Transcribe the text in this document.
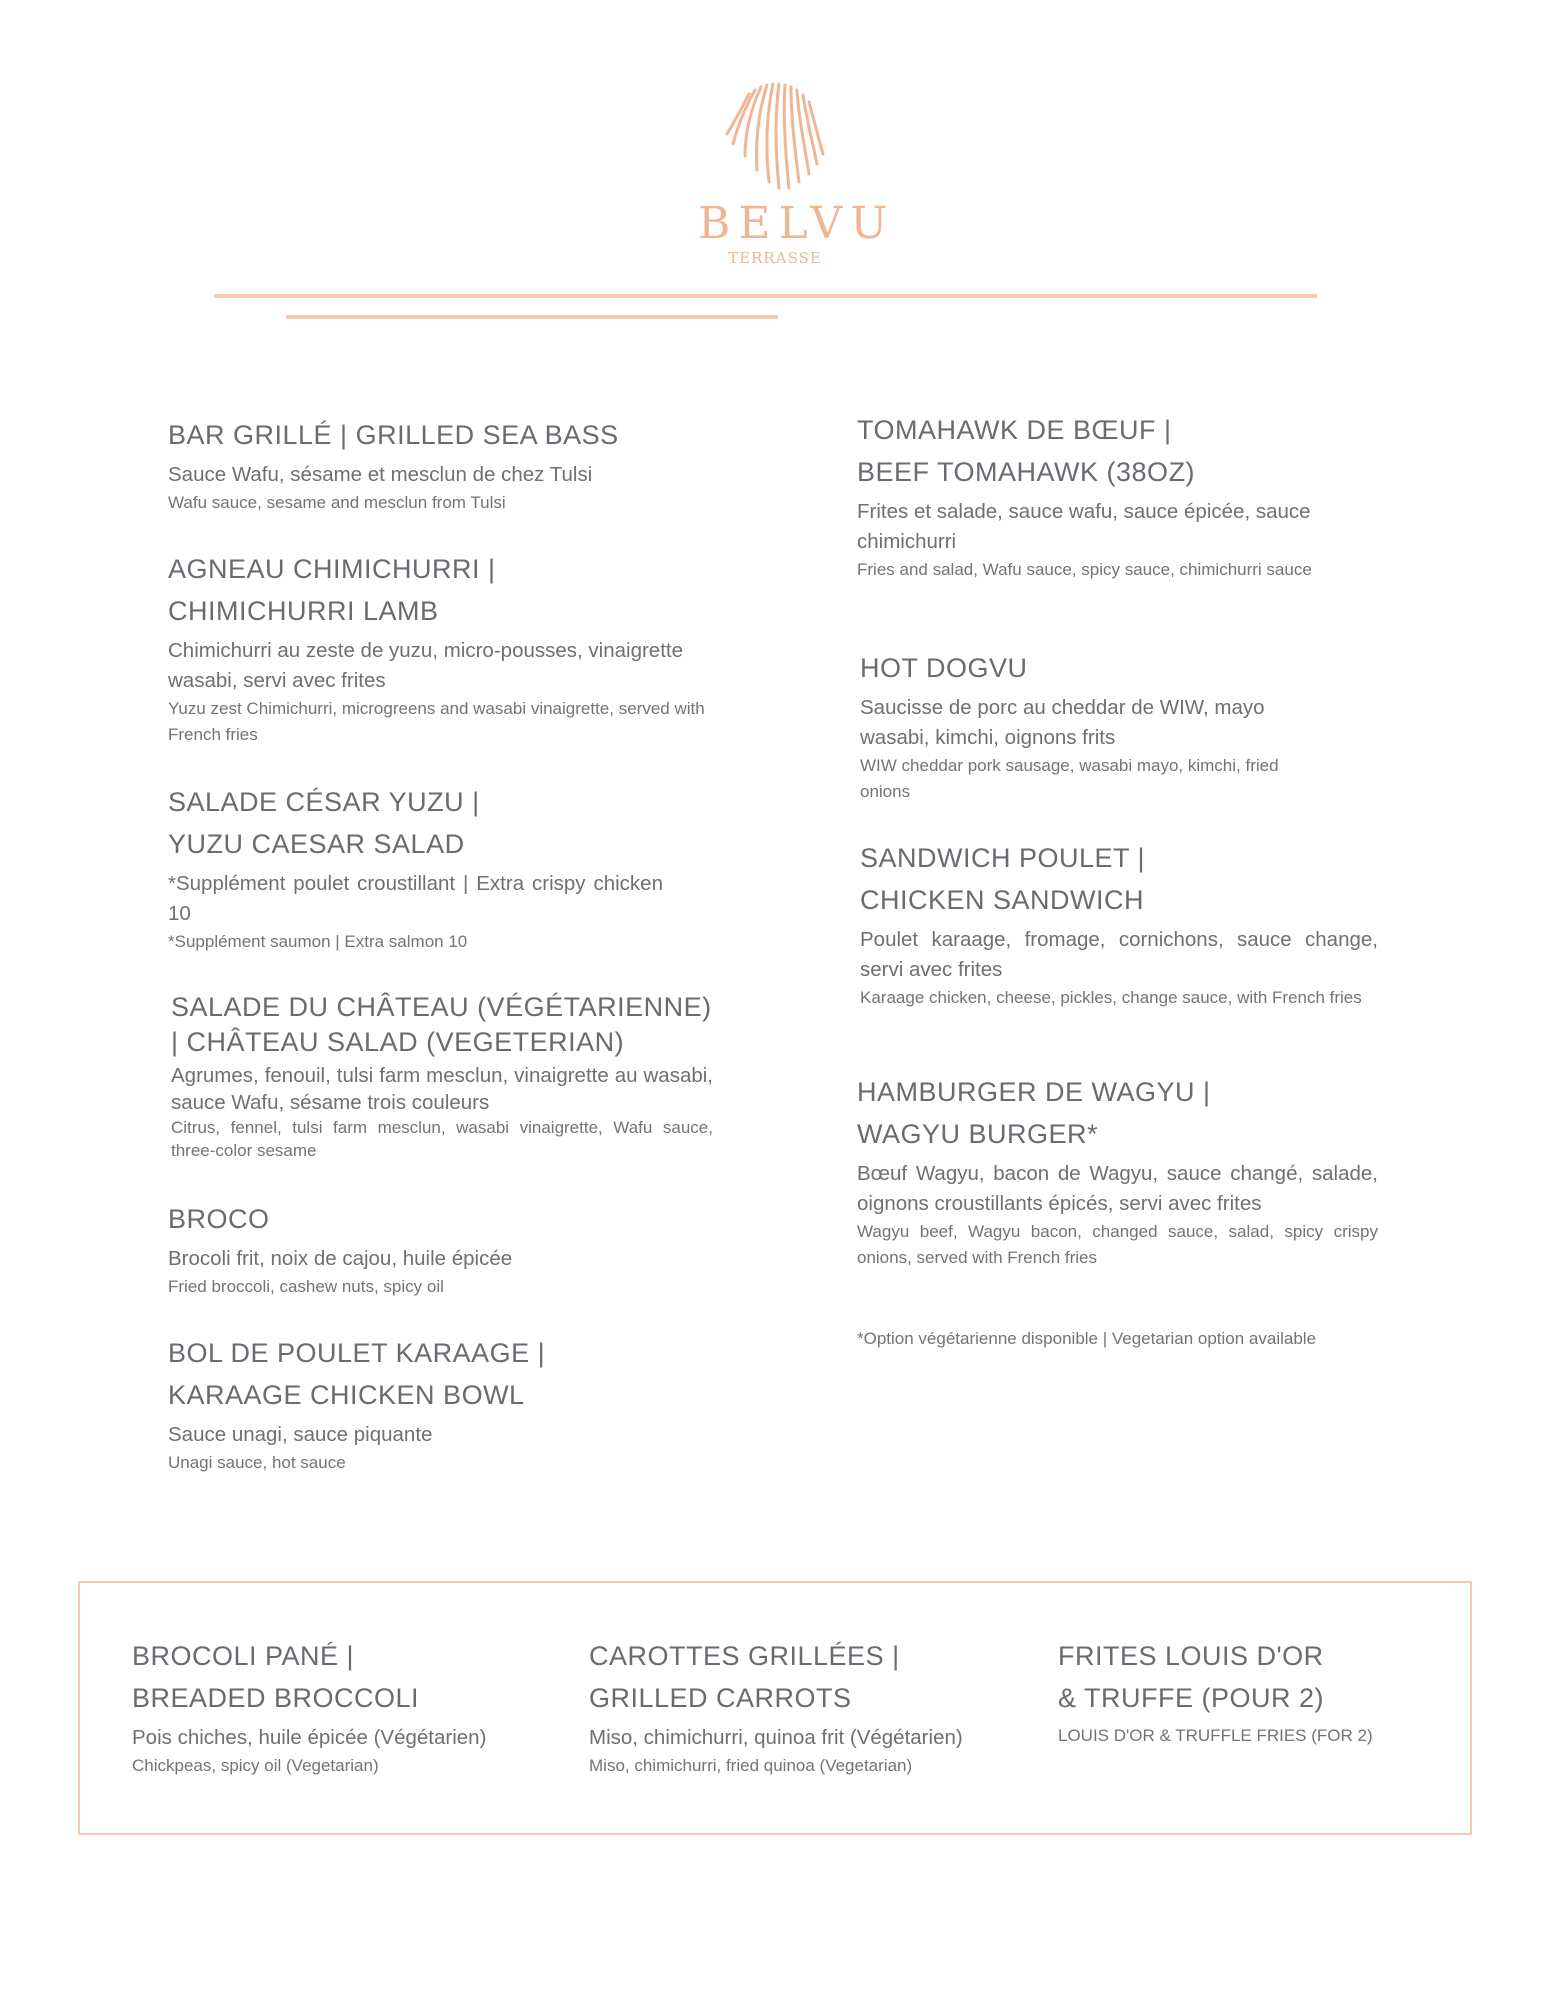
BELVU
TERRASSE
BAR GRILLÉ | GRILLED SEA BASS
Sauce Wafu, sésame et mesclun de chez Tulsi
Wafu sauce, sesame and mesclun from Tulsi
AGNEAU CHIMICHURRI |
CHIMICHURRI LAMB
Chimichurri au zeste de yuzu, micro-pousses, vinaigrette wasabi, servi avec frites
Yuzu zest Chimichurri, microgreens and wasabi vinaigrette, served with French fries
SALADE CÉSAR YUZU |
YUZU CAESAR SALAD
*Supplément poulet croustillant | Extra crispy chicken 10
*Supplément saumon | Extra salmon 10
SALADE DU CHÂTEAU (VÉGÉTARIENNE)
| CHÂTEAU SALAD (VEGETERIAN)
Agrumes, fenouil, tulsi farm mesclun, vinaigrette au wasabi, sauce Wafu, sésame trois couleurs
Citrus, fennel, tulsi farm mesclun, wasabi vinaigrette, Wafu sauce, three-color sesame
BROCO
Brocoli frit, noix de cajou, huile épicée
Fried broccoli, cashew nuts, spicy oil
BOL DE POULET KARAAGE |
KARAAGE CHICKEN BOWL
Sauce unagi, sauce piquante
Unagi sauce, hot sauce
TOMAHAWK DE BŒUF |
BEEF TOMAHAWK (38OZ)
Frites et salade, sauce wafu, sauce épicée, sauce chimichurri
Fries and salad, Wafu sauce, spicy sauce, chimichurri sauce
HOT DOGVU
Saucisse de porc au cheddar de WIW, mayo wasabi, kimchi, oignons frits
WIW cheddar pork sausage, wasabi mayo, kimchi, fried onions
SANDWICH POULET |
CHICKEN SANDWICH
Poulet karaage, fromage, cornichons, sauce change, servi avec frites
Karaage chicken, cheese, pickles, change sauce, with French fries
HAMBURGER DE WAGYU |
WAGYU BURGER*
Bœuf Wagyu, bacon de Wagyu, sauce changé, salade, oignons croustillants épicés, servi avec frites
Wagyu beef, Wagyu bacon, changed sauce, salad, spicy crispy onions, served with French fries
*Option végétarienne disponible | Vegetarian option available
BROCOLI PANÉ |
BREADED BROCCOLI
Pois chiches, huile épicée (Végétarien)
Chickpeas, spicy oil (Vegetarian)
CAROTTES GRILLÉES |
GRILLED CARROTS
Miso, chimichurri, quinoa frit (Végétarien)
Miso, chimichurri, fried quinoa (Vegetarian)
FRITES LOUIS D'OR
& TRUFFE (POUR 2)
LOUIS D'OR & TRUFFLE FRIES (FOR 2)
